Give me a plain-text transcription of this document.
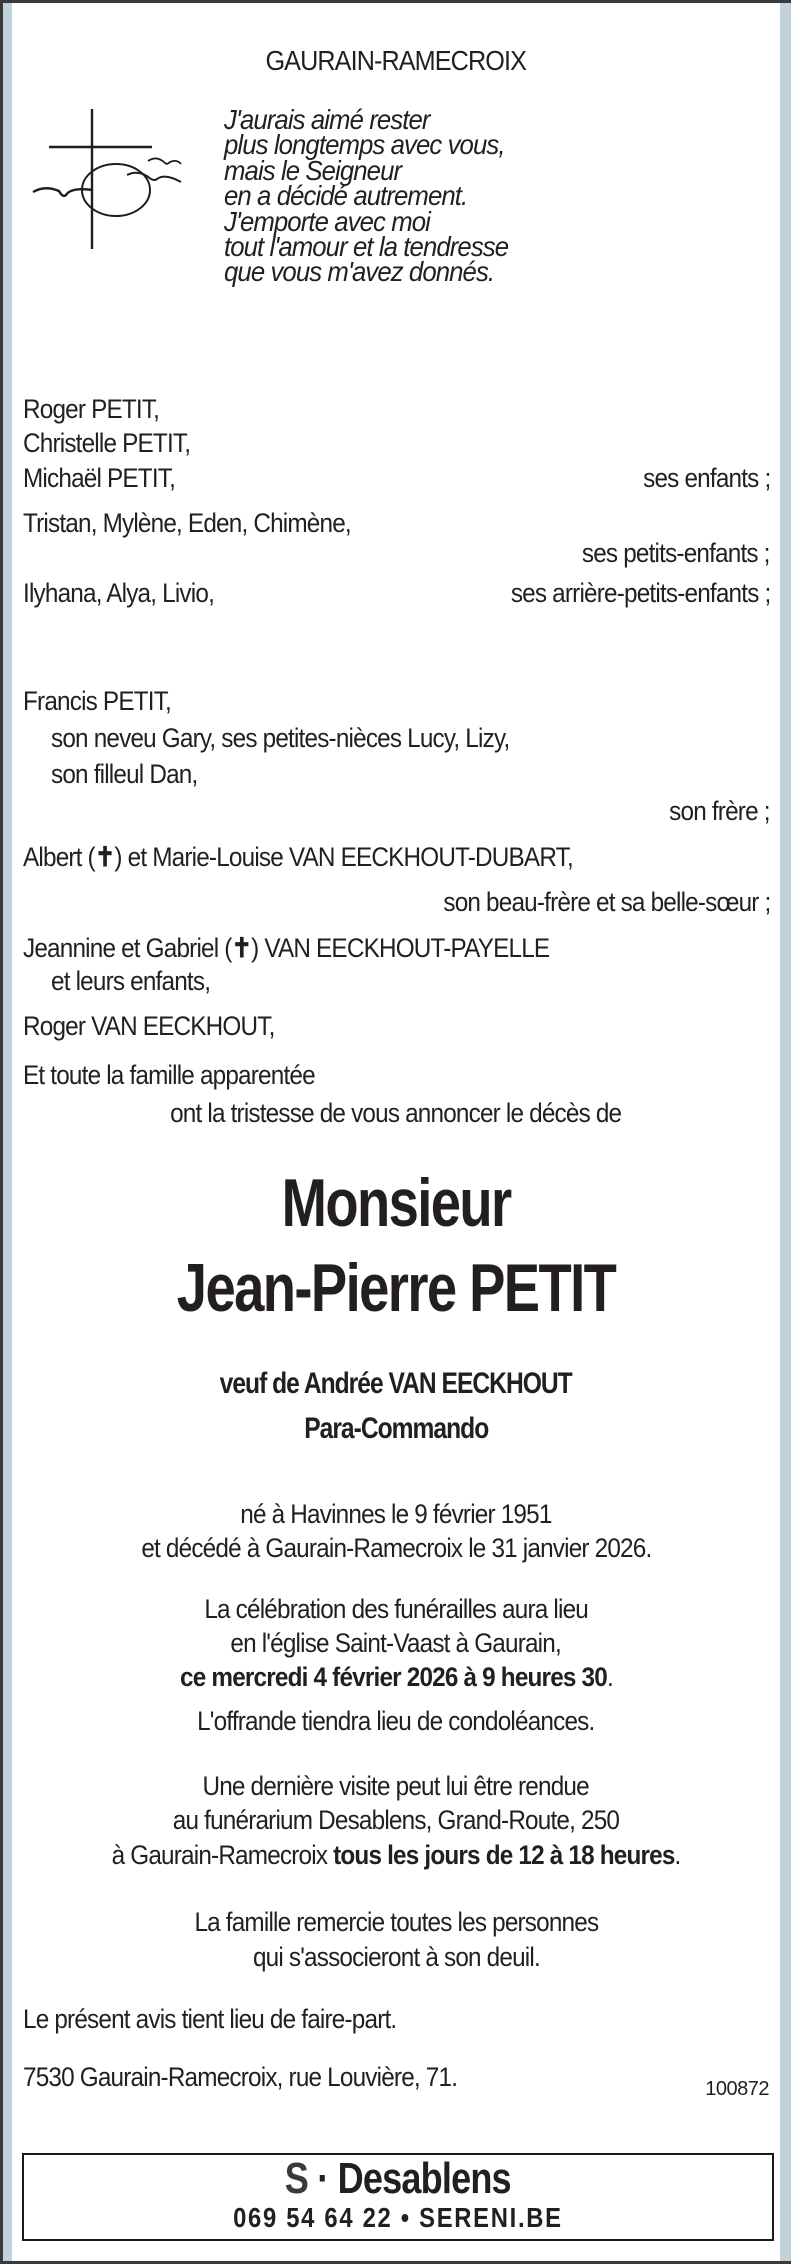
GAURAIN-RAMECROIX
J'aurais aimé rester
plus longtemps avec vous,
mais le Seigneur
en a décidé autrement.
J'emporte avec moi
tout l'amour et la tendresse
que vous m'avez donnés.
Roger PETIT,
Christelle PETIT,
Michaël PETIT,	ses enfants ;
Tristan, Mylène, Eden, Chimène,
ses petits-enfants ;
Ilyhana, Alya, Livio,	ses arrière-petits-enfants ;
Francis PETIT,
son neveu Gary, ses petites-nièces Lucy, Lizy,
son filleul Dan,
son frère ;
Albert (✝) et Marie-Louise VAN EECKHOUT-DUBART,
son beau-frère et sa belle-sœur ;
Jeannine et Gabriel (✝) VAN EECKHOUT-PAYELLE
et leurs enfants,
Roger VAN EECKHOUT,
Et toute la famille apparentée
ont la tristesse de vous annoncer le décès de
Monsieur
Jean-Pierre PETIT
veuf de Andrée VAN EECKHOUT
Para-Commando
né à Havinnes le 9 février 1951
et décédé à Gaurain-Ramecroix le 31 janvier 2026.
La célébration des funérailles aura lieu
en l'église Saint-Vaast à Gaurain,
ce mercredi 4 février 2026 à 9 heures 30.
L'offrande tiendra lieu de condoléances.
Une dernière visite peut lui être rendue
au funérarium Desablens, Grand-Route, 250
à Gaurain-Ramecroix tous les jours de 12 à 18 heures.
La famille remercie toutes les personnes
qui s'associeront à son deuil.
Le présent avis tient lieu de faire-part.
7530 Gaurain-Ramecroix, rue Louvière, 71.	100872
S · Desablens
069 54 64 22 • SERENI.BE
